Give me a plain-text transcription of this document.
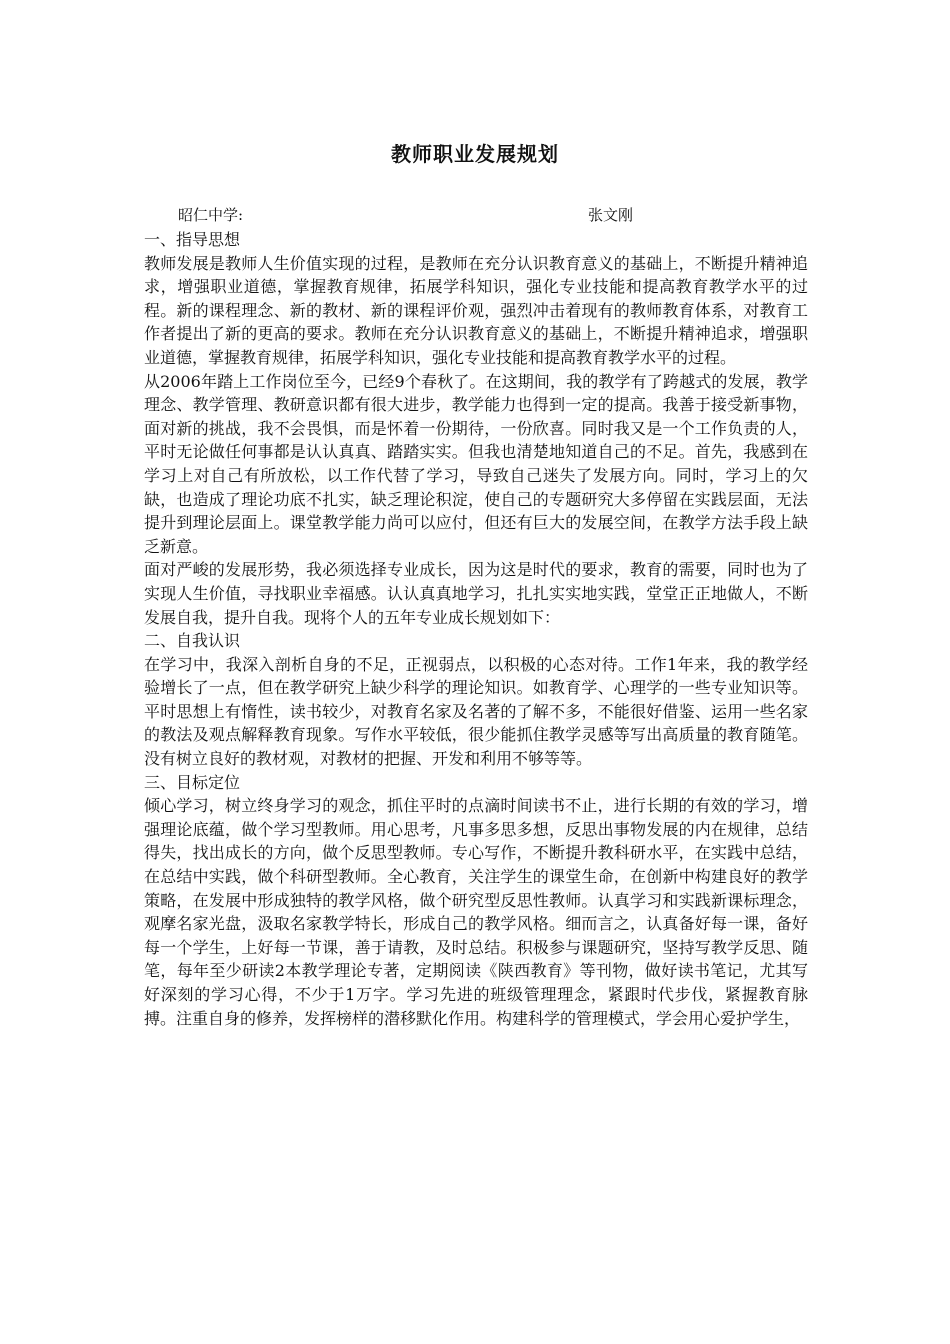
教师职业发展规划
昭仁中学:	张文刚

一、指导思想

教师发展是教师人生价值实现的过程，是教师在充分认识教育意义的基础上，不断提升精神追求，增强职业道德，掌握教育规律，拓展学科知识，强化专业技能和提高教育教学水平的过程。新的课程理念、新的教材、新的课程评价观，强烈冲击着现有的教师教育体系，对教育工作者提出了新的更高的要求。教师在充分认识教育意义的基础上，不断提升精神追求，增强职业道德，掌握教育规律，拓展学科知识，强化专业技能和提高教育教学水平的过程。

从2006年踏上工作岗位至今，已经9个春秋了。在这期间，我的教学有了跨越式的发展，教学理念、教学管理、教研意识都有很大进步，教学能力也得到一定的提高。我善于接受新事物，面对新的挑战，我不会畏惧，而是怀着一份期待，一份欣喜。同时我又是一个工作负责的人，平时无论做任何事都是认认真真、踏踏实实。但我也清楚地知道自己的不足。首先，我感到在学习上对自己有所放松，以工作代替了学习，导致自己迷失了发展方向。同时，学习上的欠缺，也造成了理论功底不扎实，缺乏理论积淀，使自己的专题研究大多停留在实践层面，无法提升到理论层面上。课堂教学能力尚可以应付，但还有巨大的发展空间，在教学方法手段上缺乏新意。

面对严峻的发展形势，我必须选择专业成长，因为这是时代的要求，教育的需要，同时也为了实现人生价值，寻找职业幸福感。认认真真地学习，扎扎实实地实践，堂堂正正地做人，不断发展自我，提升自我。现将个人的五年专业成长规划如下：

二、自我认识

在学习中，我深入剖析自身的不足，正视弱点，以积极的心态对待。工作1年来，我的教学经验增长了一点，但在教学研究上缺少科学的理论知识。如教育学、心理学的一些专业知识等。平时思想上有惰性，读书较少，对教育名家及名著的了解不多，不能很好借鉴、运用一些名家的教法及观点解释教育现象。写作水平较低，很少能抓住教学灵感等写出高质量的教育随笔。没有树立良好的教材观，对教材的把握、开发和利用不够等等。

三、目标定位

倾心学习，树立终身学习的观念，抓住平时的点滴时间读书不止，进行长期的有效的学习，增强理论底蕴，做个学习型教师。用心思考，凡事多思多想，反思出事物发展的内在规律，总结得失，找出成长的方向，做个反思型教师。专心写作，不断提升教科研水平，在实践中总结，在总结中实践，做个科研型教师。全心教育，关注学生的课堂生命，在创新中构建良好的教学策略，在发展中形成独特的教学风格，做个研究型反思性教师。认真学习和实践新课标理念，观摩名家光盘，汲取名家教学特长，形成自己的教学风格。细而言之，认真备好每一课，备好每一个学生，上好每一节课，善于请教，及时总结。积极参与课题研究，坚持写教学反思、随笔，每年至少研读2本教学理论专著，定期阅读《陕西教育》等刊物，做好读书笔记，尤其写好深刻的学习心得，不少于1万字。学习先进的班级管理理念，紧跟时代步伐，紧握教育脉搏。注重自身的修养，发挥榜样的潜移默化作用。构建科学的管理模式，学会用心爱护学生，
